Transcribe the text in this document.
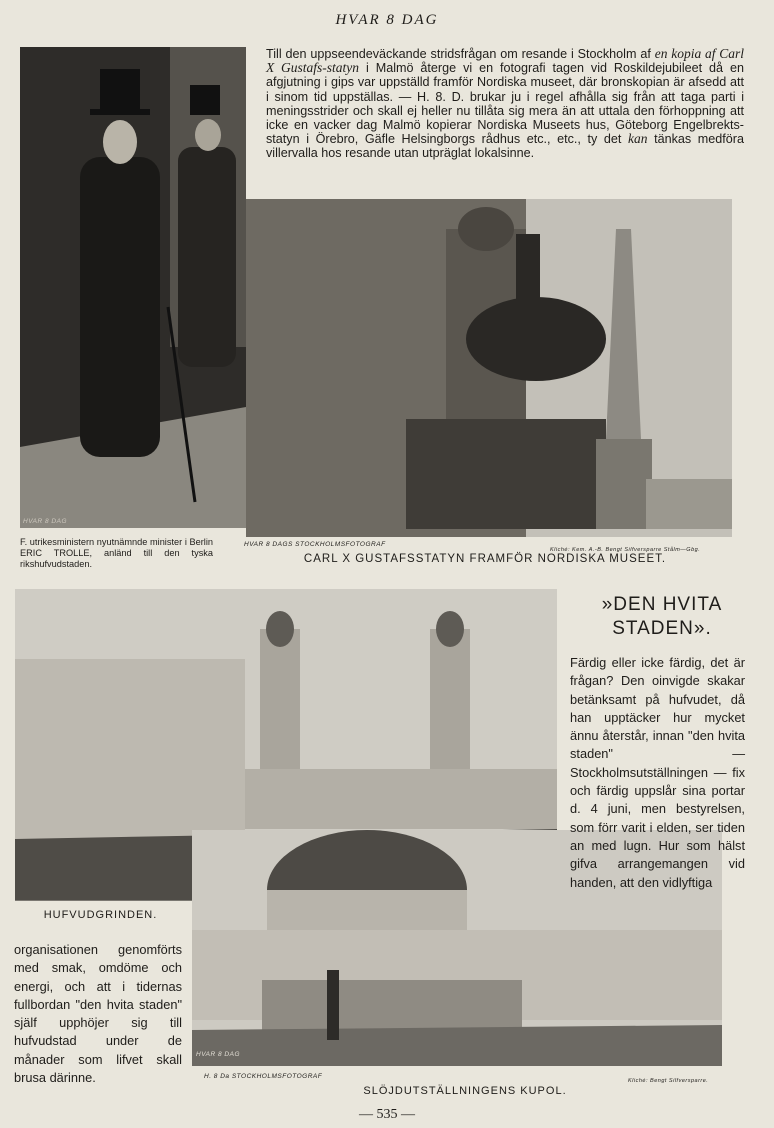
HVAR 8 DAG
Till den uppseendeväckande stridsfrågan om resande i Stockholm af en kopia af Carl X Gustafs-statyn i Malmö återge vi en fotografi tagen vid Roskildejubileet då en afgjutning i gips var uppställd framför Nordiska museet, där bronskopian är afsedd att i sinom tid uppställas. — H. 8. D. brukar ju i regel afhålla sig från att taga parti i meningsstrider och skall ej heller nu tillåta sig mera än att uttala den förhoppning att icke en vacker dag Malmö kopierar Nordiska Museets hus, Göteborg Engelbrekts-statyn i Örebro, Gäfle Helsingborgs rådhus etc., etc., ty det kan tänkas medföra villervalla hos resande utan utpräglat lokalsinne.
HVAR 8 DAG
HVAR 8 DAGS STOCKHOLMSFOTOGRAF
Klichė: Kem. A.-B. Bengt Silfversparre Stålm—Gbg.
F. utrikesministern nyutnämnde minister i Berlin ERIC TROLLE, anländ till den tyska rikshufvudstaden.	CARL X GUSTAFSSTATYN FRAMFÖR NORDISKA MUSEET.
HVAR 8 DAG
HUFVUDGRINDEN.
»DEN HVITA
STADEN».
Färdig eller icke färdig, det är frågan? Den oinvigde skakar betänksamt på hufvudet, då han upptäcker hur mycket ännu återstår, innan "den hvita staden" — Stockholmsutställningen — fix och färdig uppslår sina portar d. 4 juni, men bestyrelsen, som förr varit i elden, ser tiden an med lugn. Hur som hälst gifva arrangemangen vid handen, att den vidlyftiga
organisationen genomförts med smak, omdöme och energi, och att i tidernas fullbordan "den hvita staden" själf upphöjer sig till hufvudstad under de månader som lifvet skall brusa därinne.	H. 8 Da STOCKHOLMSFOTOGRAF
Klichė: Bengt Silfversparre.
SLÖJDUTSTÄLLNINGENS KUPOL.
— 535 —
